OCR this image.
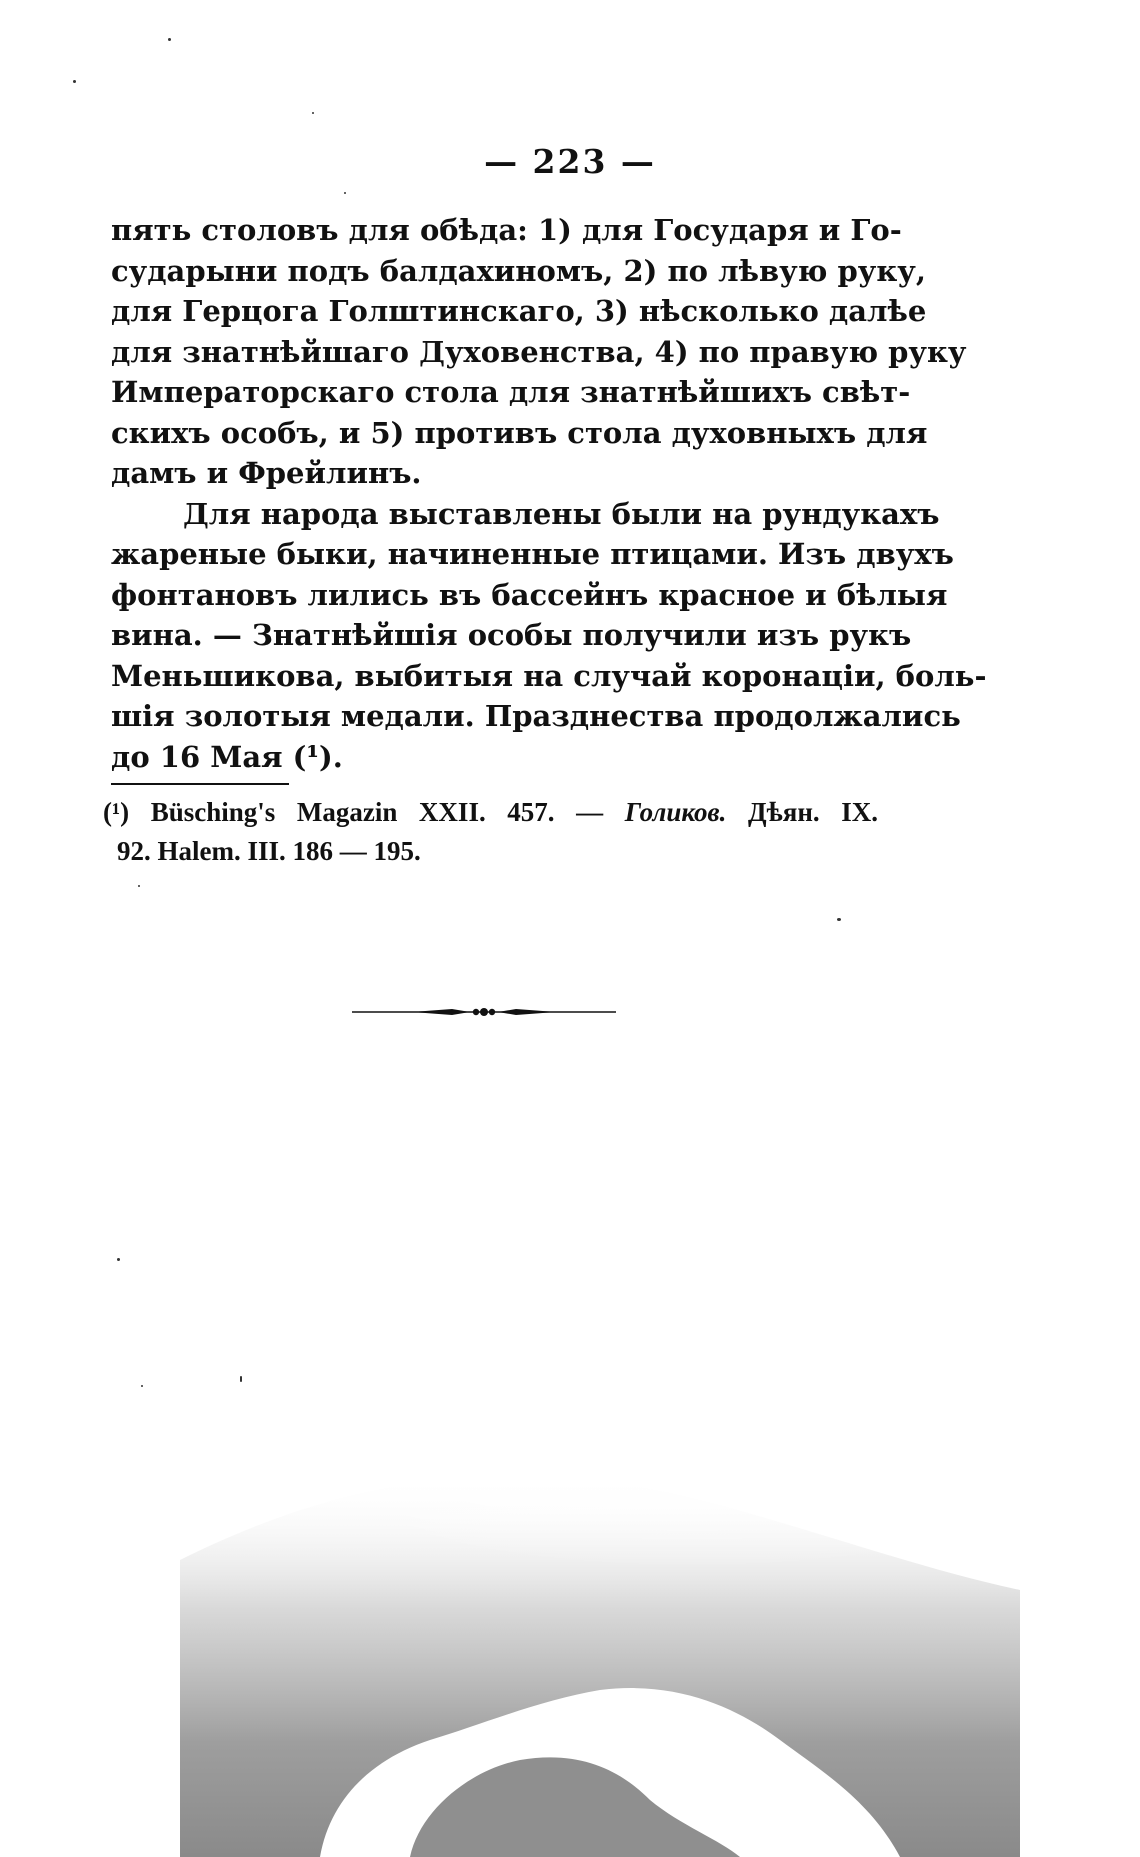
— 223 —

пять столовъ для обѣда: 1) для Государя и Го-
сударыни подъ балдахиномъ, 2) по лѣвую руку,
для Герцога Голштинскаго, 3) нѣсколько далѣе
для знатнѣйшаго Духовенства, 4) по правую руку
Императорскаго стола для знатнѣйшихъ свѣт-
скихъ особъ, и 5) противъ стола духовныхъ для
дамъ и Фрейлинъ.

Для народа выставлены были на рундукахъ
жареные быки, начиненные птицами. Изъ двухъ
фонтановъ лились въ бассейнъ красное и бѣлыя
вина. — Знатнѣйшія особы получили изъ рукъ
Меньшикова, выбитыя на случай коронаціи, боль-
шія золотыя медали. Празднества продолжались
до 16 Мая (¹).

(¹) Büsching's Magazin XXII. 457. — Голиков. Дѣян. IX.
92. Halem. III. 186 — 195.
